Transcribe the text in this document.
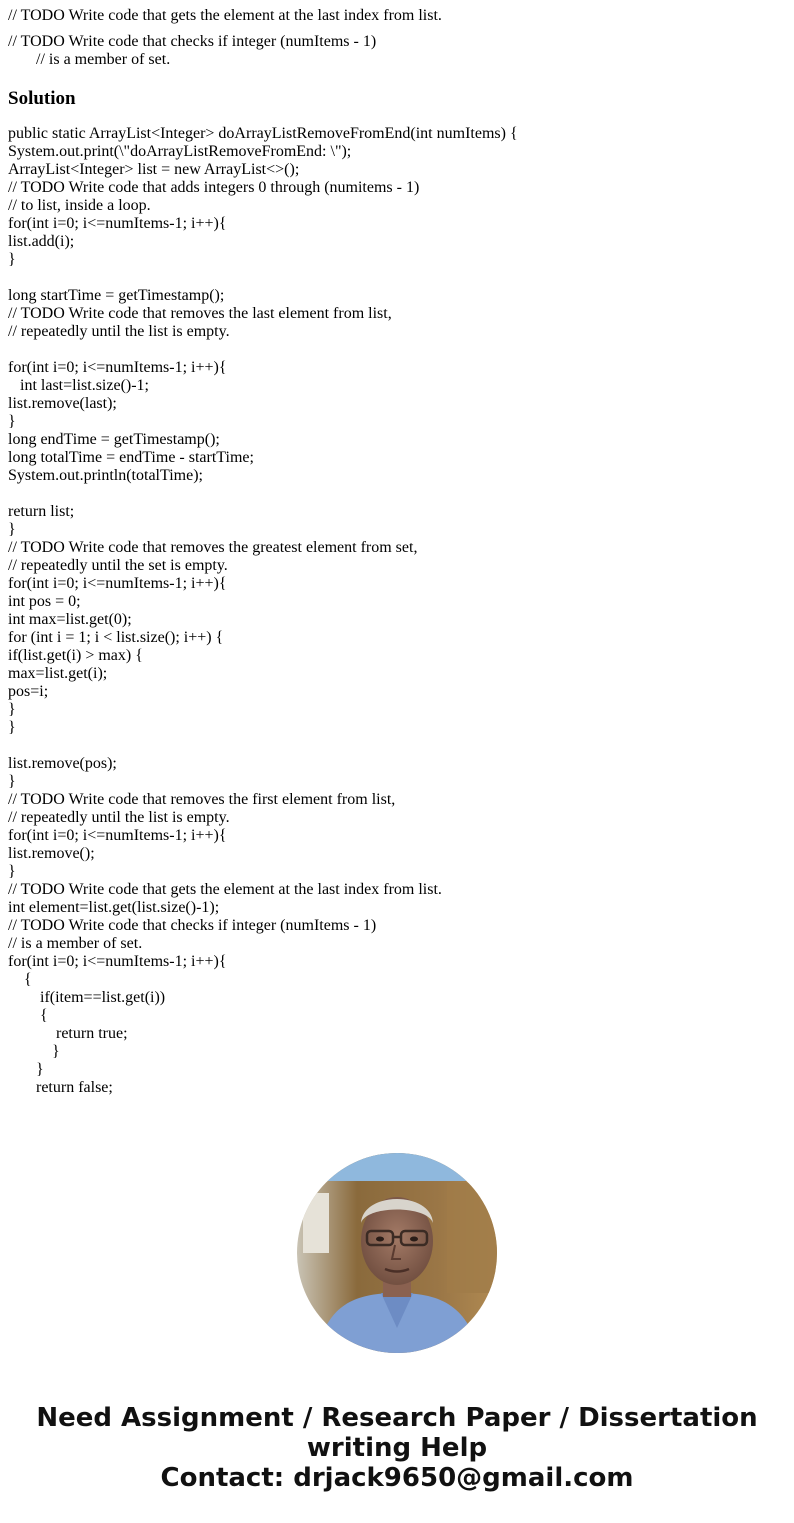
// TODO Write code that gets the element at the last index from list.
// TODO Write code that checks if integer (numItems - 1)
// is a member of set.
Solution
public static ArrayList<Integer> doArrayListRemoveFromEnd(int numItems) {
System.out.print(\"doArrayListRemoveFromEnd: \");
ArrayList<Integer> list = new ArrayList<>();
// TODO Write code that adds integers 0 through (numitems - 1)
// to list, inside a loop.
for(int i=0; i<=numItems-1; i++){
list.add(i);
}
long startTime = getTimestamp();
// TODO Write code that removes the last element from list,
// repeatedly until the list is empty.
for(int i=0; i<=numItems-1; i++){
int last=list.size()-1;
list.remove(last);
}
long endTime = getTimestamp();
long totalTime = endTime - startTime;
System.out.println(totalTime);
return list;
}
// TODO Write code that removes the greatest element from set,
// repeatedly until the set is empty.
for(int i=0; i<=numItems-1; i++){
int pos = 0;
int max=list.get(0);
for (int i = 1; i < list.size(); i++) {
if(list.get(i) > max) {
max=list.get(i);
pos=i;
}
}
list.remove(pos);
}
// TODO Write code that removes the first element from list,
// repeatedly until the list is empty.
for(int i=0; i<=numItems-1; i++){
list.remove();
}
// TODO Write code that gets the element at the last index from list.
int element=list.get(list.size()-1);
// TODO Write code that checks if integer (numItems - 1)
// is a member of set.
for(int i=0; i<=numItems-1; i++){
{
if(item==list.get(i))
{
return true;
}
}
return false;
Need Assignment / Research Paper / Dissertation
writing Help
Contact: drjack9650@gmail.com
